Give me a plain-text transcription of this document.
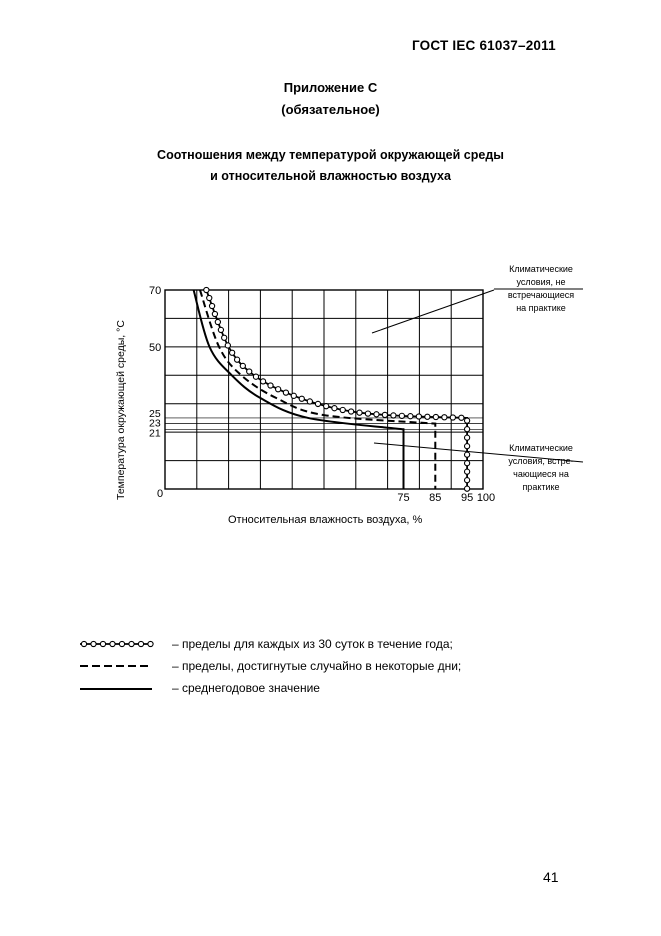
ГОСТ IEC 61037–2011
Приложение C
(обязательное)
Соотношения между температурой окружающей среды
и относительной влажностью воздуха
70
50
25
23
21
0	75 85 95 100
Относительная влажность воздуха, %
Температура окружающей среды, °С
Климатические
условия, не
встречающиеся
на практике
Климатические
условия, встре-
чающиеся на
практике
– пределы для каждых из 30 суток в течение года;
– пределы, достигнутые случайно в некоторые дни;
– среднегодовое значение
41
